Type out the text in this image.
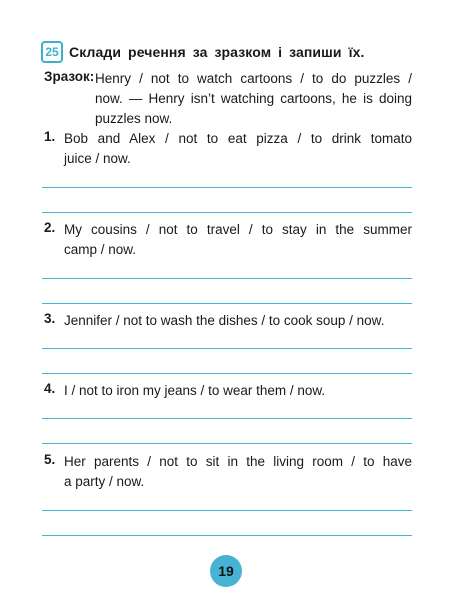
25 Склади речення за зразком і запиши їх.
Зразок: Henry / not to watch cartoons / to do puzzles /
now. — Henry isn’t watching cartoons, he is doing
puzzles now.
1. Bob and Alex / not to eat pizza / to drink tomato
juice / now.
2. My cousins / not to travel / to stay in the summer
camp / now.
3. Jennifer / not to wash the dishes / to cook soup / now.
4. I / not to iron my jeans / to wear them / now.
5. Her parents / not to sit in the living room / to have
a party / now.
19
